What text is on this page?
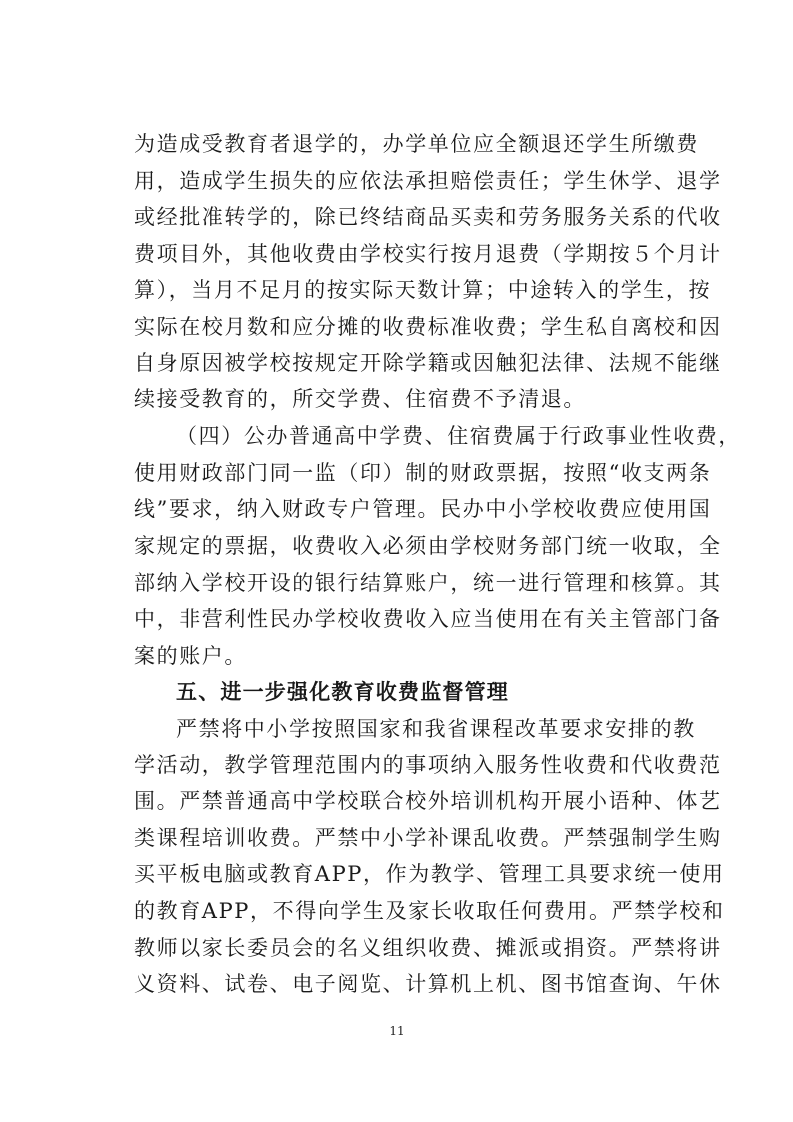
为造成受教育者退学的，办学单位应全额退还学生所缴费
用，造成学生损失的应依法承担赔偿责任；学生休学、退学
或经批准转学的，除已终结商品买卖和劳务服务关系的代收
费项目外，其他收费由学校实行按月退费（学期按５个月计
算），当月不足月的按实际天数计算；中途转入的学生，按
实际在校月数和应分摊的收费标准收费；学生私自离校和因
自身原因被学校按规定开除学籍或因触犯法律、法规不能继
续接受教育的，所交学费、住宿费不予清退。
（四）公办普通高中学费、住宿费属于行政事业性收费，
使用财政部门同一监（印）制的财政票据，按照“收支两条
线”要求，纳入财政专户管理。民办中小学校收费应使用国
家规定的票据，收费收入必须由学校财务部门统一收取，全
部纳入学校开设的银行结算账户，统一进行管理和核算。其
中，非营利性民办学校收费收入应当使用在有关主管部门备
案的账户。
五、进一步强化教育收费监督管理
严禁将中小学按照国家和我省课程改革要求安排的教
学活动，教学管理范围内的事项纳入服务性收费和代收费范
围。严禁普通高中学校联合校外培训机构开展小语种、体艺
类课程培训收费。严禁中小学补课乱收费。严禁强制学生购
买平板电脑或教育APP，作为教学、管理工具要求统一使用
的教育APP，不得向学生及家长收取任何费用。严禁学校和
教师以家长委员会的名义组织收费、摊派或捐资。严禁将讲
义资料、试卷、电子阅览、计算机上机、图书馆查询、午休
11
